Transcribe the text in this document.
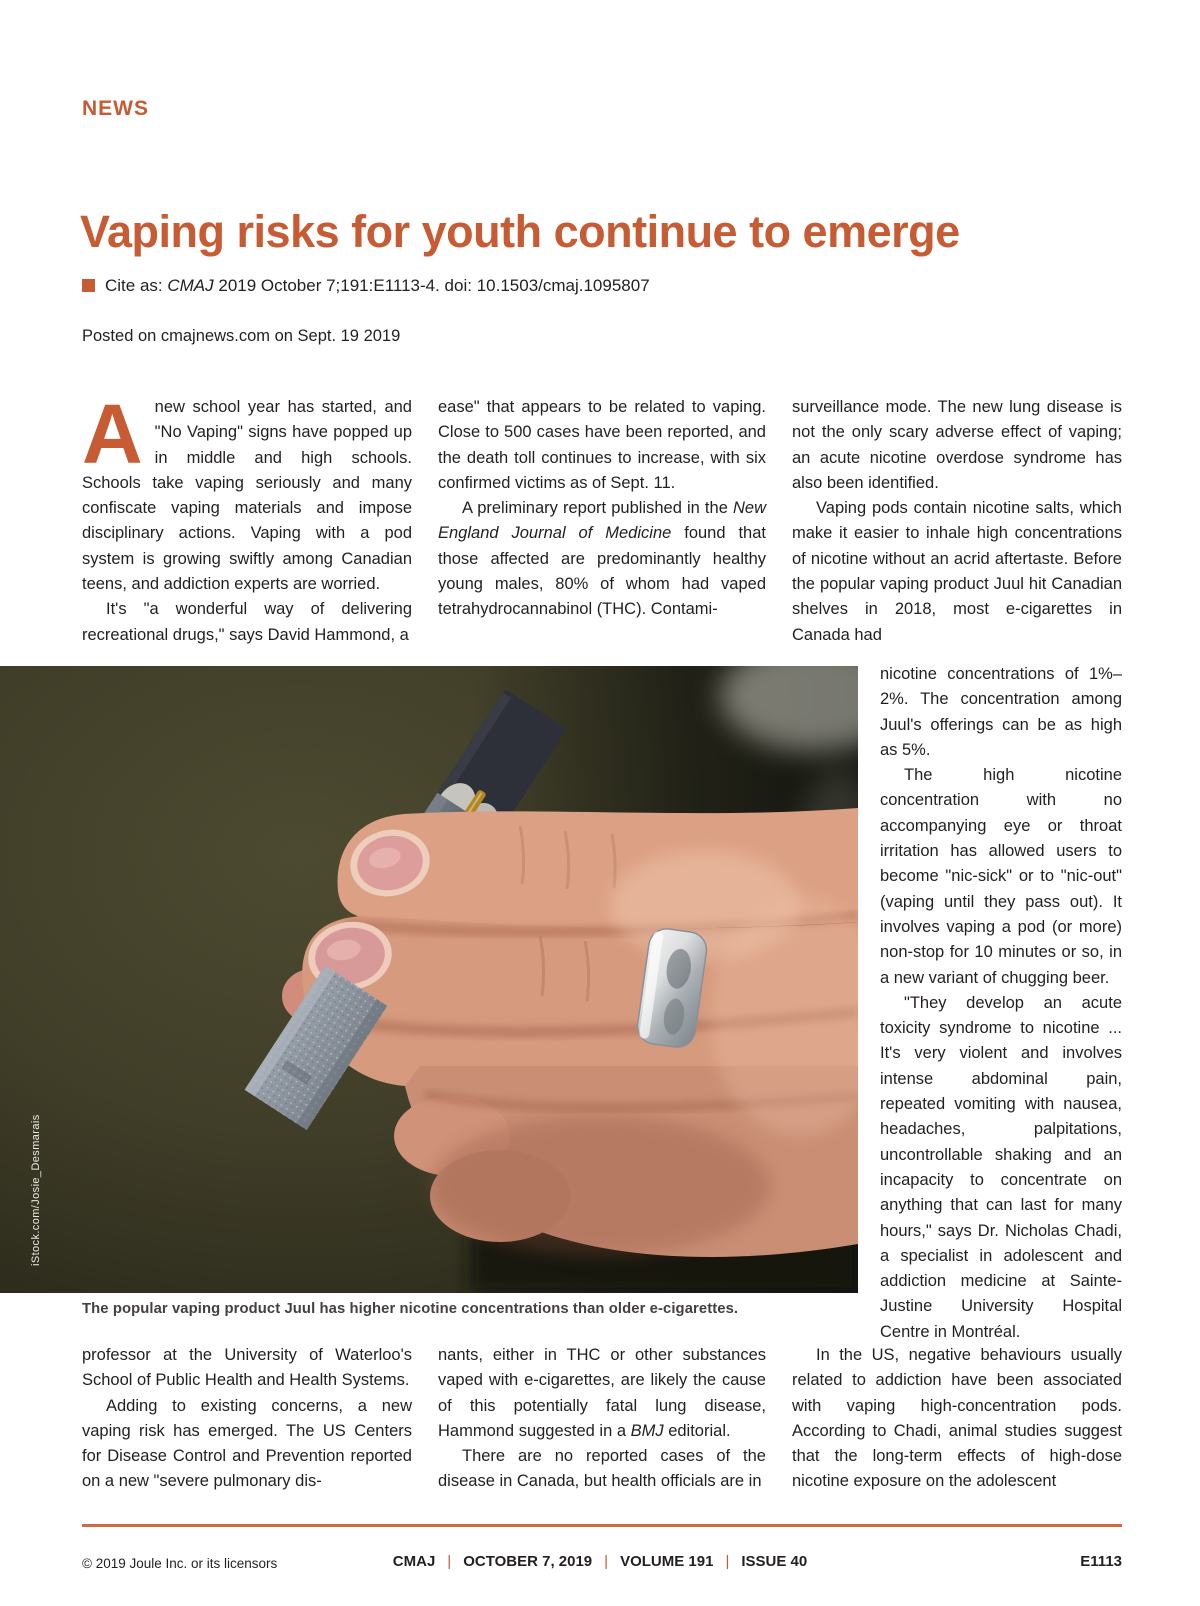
NEWS
Vaping risks for youth continue to emerge
Cite as: CMAJ 2019 October 7;191:E1113-4. doi: 10.1503/cmaj.1095807
Posted on cmajnews.com on Sept. 19 2019

Anew school year has started, and "No Vaping" signs have popped up in middle and high schools. Schools take vaping seriously and many confiscate vaping materials and impose disciplinary actions. Vaping with a pod system is growing swiftly among Canadian teens, and addiction experts are worried.

It's "a wonderful way of delivering recreational drugs," says David Hammond, a

ease" that appears to be related to vaping. Close to 500 cases have been reported, and the death toll continues to increase, with six confirmed victims as of Sept. 11.

A preliminary report published in the New England Journal of Medicine found that those affected are predominantly healthy young males, 80% of whom had vaped tetrahydrocannabinol (THC). Contami-

surveillance mode. The new lung disease is not the only scary adverse effect of vaping; an acute nicotine overdose syndrome has also been identified.

Vaping pods contain nicotine salts, which make it easier to inhale high concentrations of nicotine without an acrid aftertaste. Before the popular vaping product Juul hit Canadian shelves in 2018, most e-cigarettes in Canada had

nicotine concentrations of 1%–2%. The concentration among Juul's offerings can be as high as 5%.

The high nicotine concentration with no accompanying eye or throat irritation has allowed users to become "nic-sick" or to "nic-out" (vaping until they pass out). It involves vaping a pod (or more) non-stop for 10 minutes or so, in a new variant of chugging beer.

"They develop an acute toxicity syndrome to nicotine ... It's very violent and involves intense abdominal pain, repeated vomiting with nausea, headaches, palpitations, uncontrollable shaking and an incapacity to concentrate on anything that can last for many hours," says Dr. Nicholas Chadi, a specialist in adolescent and addiction medicine at Sainte-Justine University Hospital Centre in Montréal.

iStock.com/Josie_Desmarais
The popular vaping product Juul has higher nicotine concentrations than older e-cigarettes.

professor at the University of Waterloo's School of Public Health and Health Systems.

Adding to existing concerns, a new vaping risk has emerged. The US Centers for Disease Control and Prevention reported on a new "severe pulmonary dis-

nants, either in THC or other substances vaped with e-cigarettes, are likely the cause of this potentially fatal lung disease, Hammond suggested in a BMJ editorial.

There are no reported cases of the disease in Canada, but health officials are in

In the US, negative behaviours usually related to addiction have been associated with vaping high-concentration pods. According to Chadi, animal studies suggest that the long-term effects of high-dose nicotine exposure on the adolescent

© 2019 Joule Inc. or its licensors	CMAJ | OCTOBER 7, 2019 | VOLUME 191 | ISSUE 40	E1113
